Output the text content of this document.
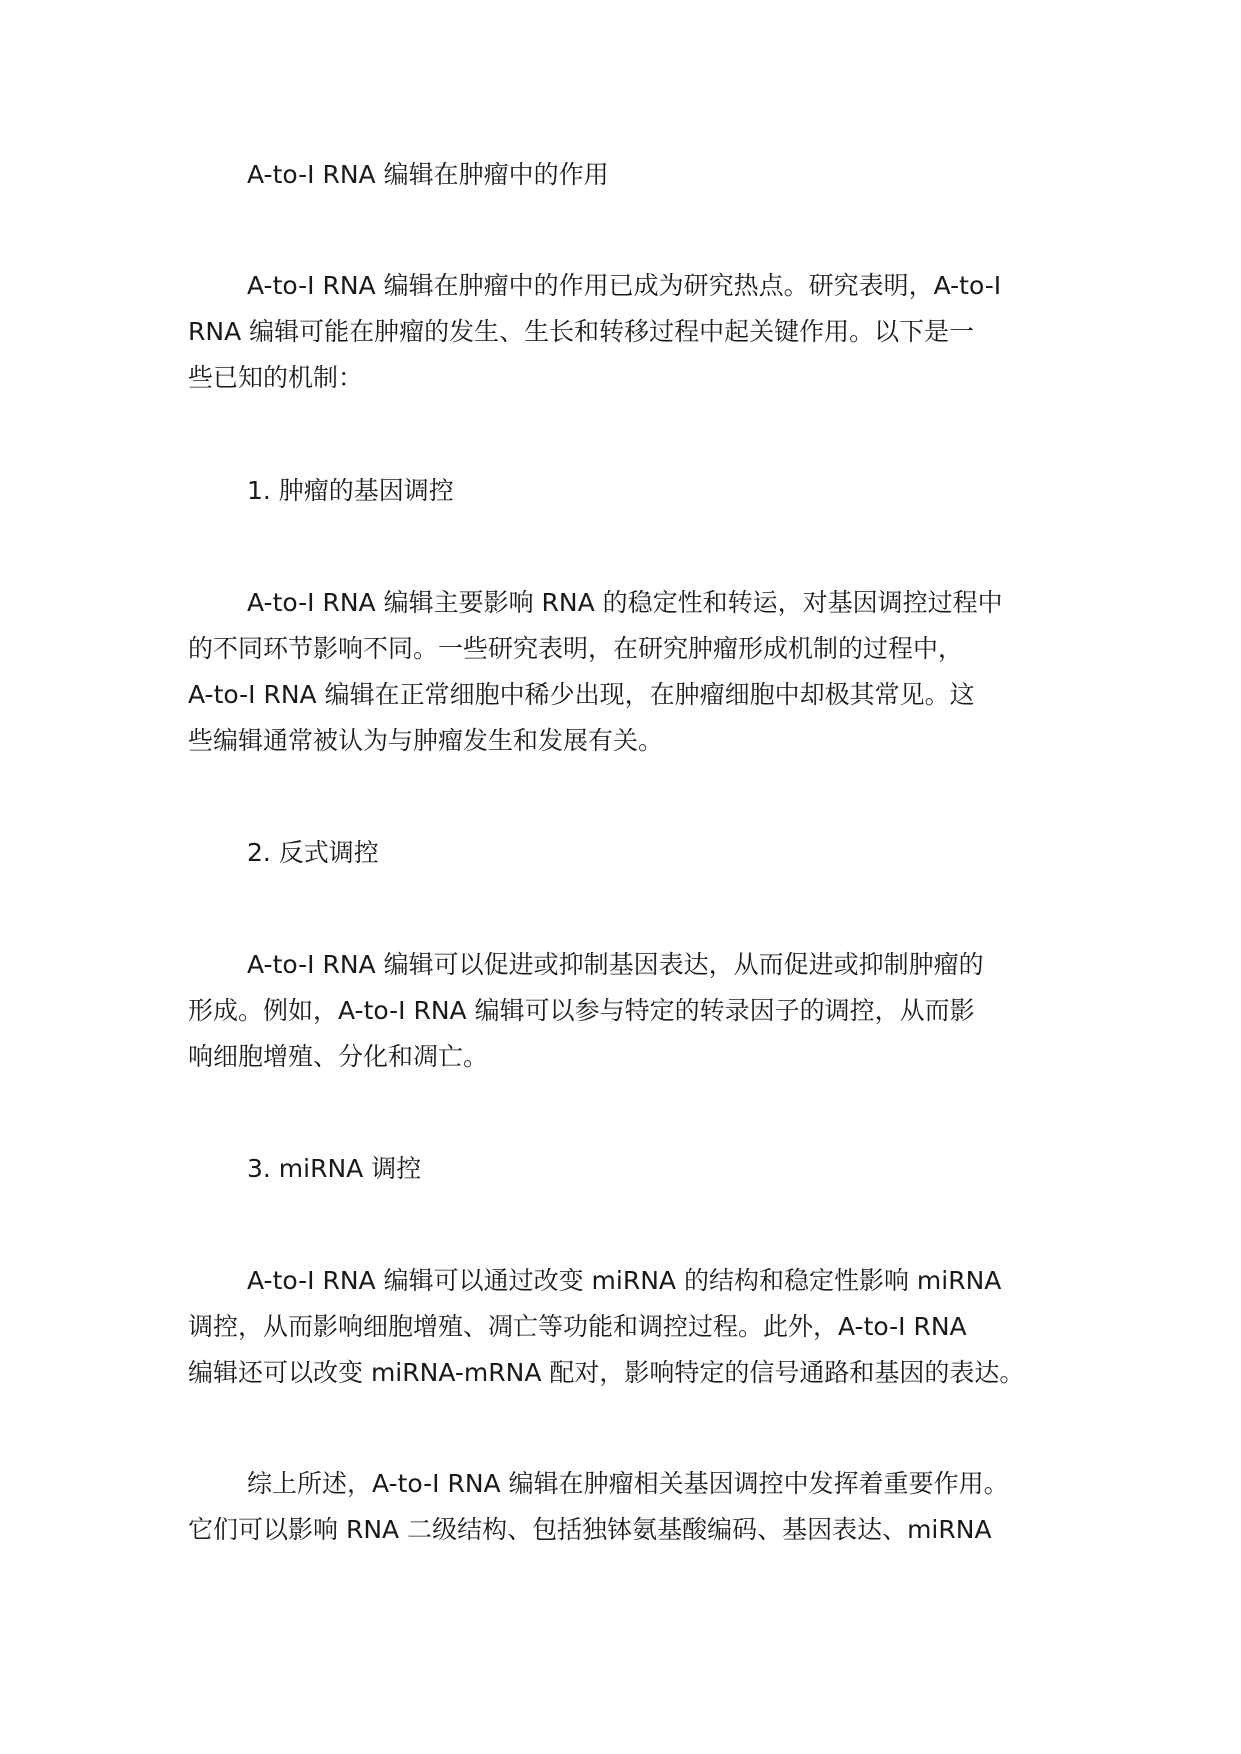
A-to-I RNA 编辑在肿瘤中的作用
A-to-I RNA 编辑在肿瘤中的作用已成为研究热点。研究表明，A-to-I
RNA 编辑可能在肿瘤的发生、生长和转移过程中起关键作用。以下是一
些已知的机制：
1. 肿瘤的基因调控
A-to-I RNA 编辑主要影响 RNA 的稳定性和转运，对基因调控过程中
的不同环节影响不同。一些研究表明，在研究肿瘤形成机制的过程中，
A-to-I RNA 编辑在正常细胞中稀少出现，在肿瘤细胞中却极其常见。这
些编辑通常被认为与肿瘤发生和发展有关。
2. 反式调控
A-to-I RNA 编辑可以促进或抑制基因表达，从而促进或抑制肿瘤的
形成。例如，A-to-I RNA 编辑可以参与特定的转录因子的调控，从而影
响细胞增殖、分化和凋亡。
3. miRNA 调控
A-to-I RNA 编辑可以通过改变 miRNA 的结构和稳定性影响 miRNA
调控，从而影响细胞增殖、凋亡等功能和调控过程。此外，A-to-I RNA
编辑还可以改变 miRNA-mRNA 配对，影响特定的信号通路和基因的表达。
综上所述，A-to-I RNA 编辑在肿瘤相关基因调控中发挥着重要作用。
它们可以影响 RNA 二级结构、包括独钵氨基酸编码、基因表达、miRNA
